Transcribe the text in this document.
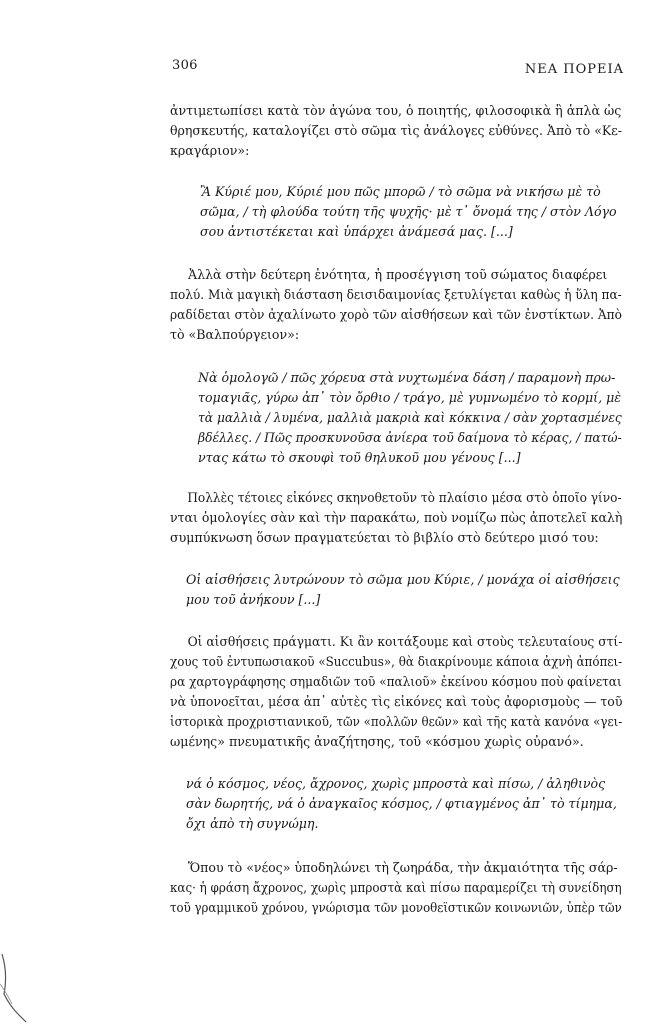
306	ΝΕΑ ΠΟΡΕΙΑ
ἀντιμετωπίσει κατὰ τὸν ἀγώνα του, ὁ ποιητής, φιλοσοφικὰ ἢ ἁπλὰ ὡς
θρησκευτής, καταλογίζει στὸ σῶμα τὶς ἀνάλογες εὐθύνες. Ἀπὸ τὸ «Κε-
κραγάριον»:
Ἂ Κύριέ μου, Κύριέ μου πῶς μπορῶ / τὸ σῶμα νὰ νικήσω μὲ τὸ
σῶμα, / τὴ φλούδα τούτη τῆς ψυχῆς· μὲ τ᾿ ὄνομά της / στὸν Λόγο
σου ἀντιστέκεται καὶ ὑπάρχει ἀνάμεσά μας. [...]
Ἀλλὰ στὴν δεύτερη ἑνότητα, ἡ προσέγγιση τοῦ σώματος διαφέρει
πολύ. Μιὰ μαγικὴ διάσταση δεισιδαιμονίας ξετυλίγεται καθὼς ἡ ὕλη πα-
ραδίδεται στὸν ἀχαλίνωτο χορὸ τῶν αἰσθήσεων καὶ τῶν ἐνστίκτων. Ἀπὸ
τὸ «Βαλπούργειον»:
Νὰ ὁμολογῶ / πῶς χόρευα στὰ νυχτωμένα δάση / παραμονὴ πρω-
τομαγιᾶς, γύρω ἀπ᾿ τὸν ὄρθιο / τράγο, μὲ γυμνωμένο τὸ κορμί, μὲ
τὰ μαλλιὰ / λυμένα, μαλλιὰ μακριὰ καὶ κόκκινα / σὰν χορτασμένες
βδέλλες. / Πῶς προσκυνοῦσα ἀνίερα τοῦ δαίμονα τὸ κέρας, / πατώ-
ντας κάτω τὸ σκουφὶ τοῦ θηλυκοῦ μου γένους [...]
Πολλὲς τέτοιες εἰκόνες σκηνοθετοῦν τὸ πλαίσιο μέσα στὸ ὁποῖο γίνο-
νται ὁμολογίες σὰν καὶ τὴν παρακάτω, ποὺ νομίζω πὼς ἀποτελεῖ καλὴ
συμπύκνωση ὅσων πραγματεύεται τὸ βιβλίο στὸ δεύτερο μισό του:
Οἱ αἰσθήσεις λυτρώνουν τὸ σῶμα μου Κύριε, / μονάχα οἱ αἰσθήσεις
μου τοῦ ἀνήκουν [...]
Οἱ αἰσθήσεις πράγματι. Κι ἂν κοιτάξουμε καὶ στοὺς τελευταίους στί-
χους τοῦ ἐντυπωσιακοῦ «Succubus», θὰ διακρίνουμε κάποια ἀχνὴ ἀπόπει-
ρα χαρτογράφησης σημαδιῶν τοῦ «παλιοῦ» ἐκείνου κόσμου ποὺ φαίνεται
νὰ ὑπονοεῖται, μέσα ἀπ᾿ αὐτὲς τὶς εἰκόνες καὶ τοὺς ἀφορισμοὺς — τοῦ
ἱστορικὰ προχριστιανικοῦ, τῶν «πολλῶν θεῶν» καὶ τῆς κατὰ κανόνα «γει-
ωμένης» πνευματικῆς ἀναζήτησης, τοῦ «κόσμου χωρὶς οὐρανό».
νά ὁ κόσμος, νέος, ἄχρονος, χωρὶς μπροστὰ καὶ πίσω, / ἀληθινὸς
σὰν δωρητής, νά ὁ ἀναγκαῖος κόσμος, / φτιαγμένος ἀπ᾿ τὸ τίμημα,
ὄχι ἀπὸ τὴ συγνώμη.
Ὅπου τὸ «νέος» ὑποδηλώνει τὴ ζωηράδα, τὴν ἀκμαιότητα τῆς σάρ-
κας· ἡ φράση ἄχρονος, χωρὶς μπροστὰ καὶ πίσω παραμερίζει τὴ συνείδηση
τοῦ γραμμικοῦ χρόνου, γνώρισμα τῶν μονοθεϊστικῶν κοινωνιῶν, ὑπὲρ τῶν
